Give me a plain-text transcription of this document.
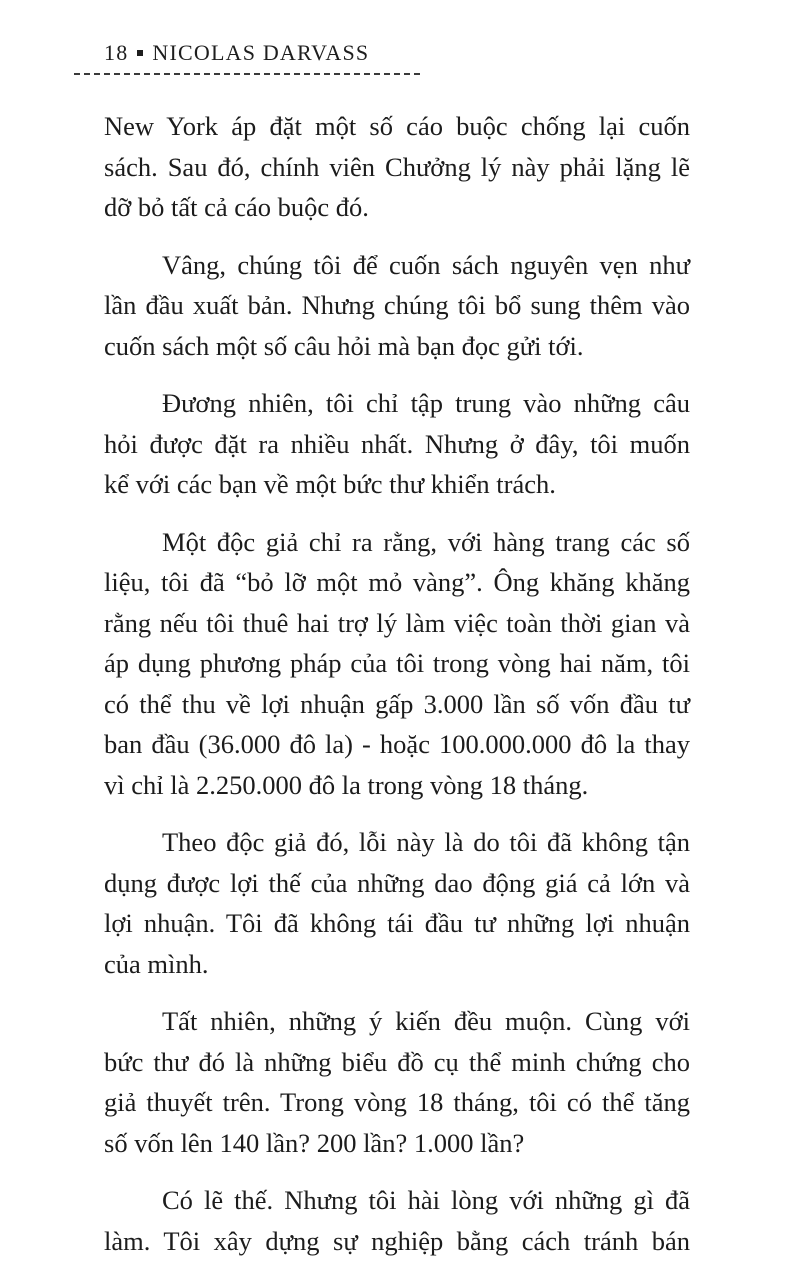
18 NICOLAS DARVASS

New York áp đặt một số cáo buộc chống lại cuốn
sách. Sau đó, chính viên Chưởng lý này phải lặng lẽ
dỡ bỏ tất cả cáo buộc đó.

Vâng, chúng tôi để cuốn sách nguyên vẹn như
lần đầu xuất bản. Nhưng chúng tôi bổ sung thêm vào
cuốn sách một số câu hỏi mà bạn đọc gửi tới.

Đương nhiên, tôi chỉ tập trung vào những câu
hỏi được đặt ra nhiều nhất. Nhưng ở đây, tôi muốn
kể với các bạn về một bức thư khiển trách.

Một độc giả chỉ ra rằng, với hàng trang các số
liệu, tôi đã “bỏ lỡ một mỏ vàng”. Ông khăng khăng
rằng nếu tôi thuê hai trợ lý làm việc toàn thời gian và
áp dụng phương pháp của tôi trong vòng hai năm, tôi
có thể thu về lợi nhuận gấp 3.000 lần số vốn đầu tư
ban đầu (36.000 đô la) - hoặc 100.000.000 đô la thay
vì chỉ là 2.250.000 đô la trong vòng 18 tháng.

Theo độc giả đó, lỗi này là do tôi đã không tận
dụng được lợi thế của những dao động giá cả lớn và
lợi nhuận. Tôi đã không tái đầu tư những lợi nhuận
của mình.

Tất nhiên, những ý kiến đều muộn. Cùng với
bức thư đó là những biểu đồ cụ thể minh chứng cho
giả thuyết trên. Trong vòng 18 tháng, tôi có thể tăng
số vốn lên 140 lần? 200 lần? 1.000 lần?

Có lẽ thế. Nhưng tôi hài lòng với những gì đã
làm. Tôi xây dựng sự nghiệp bằng cách tránh bán
